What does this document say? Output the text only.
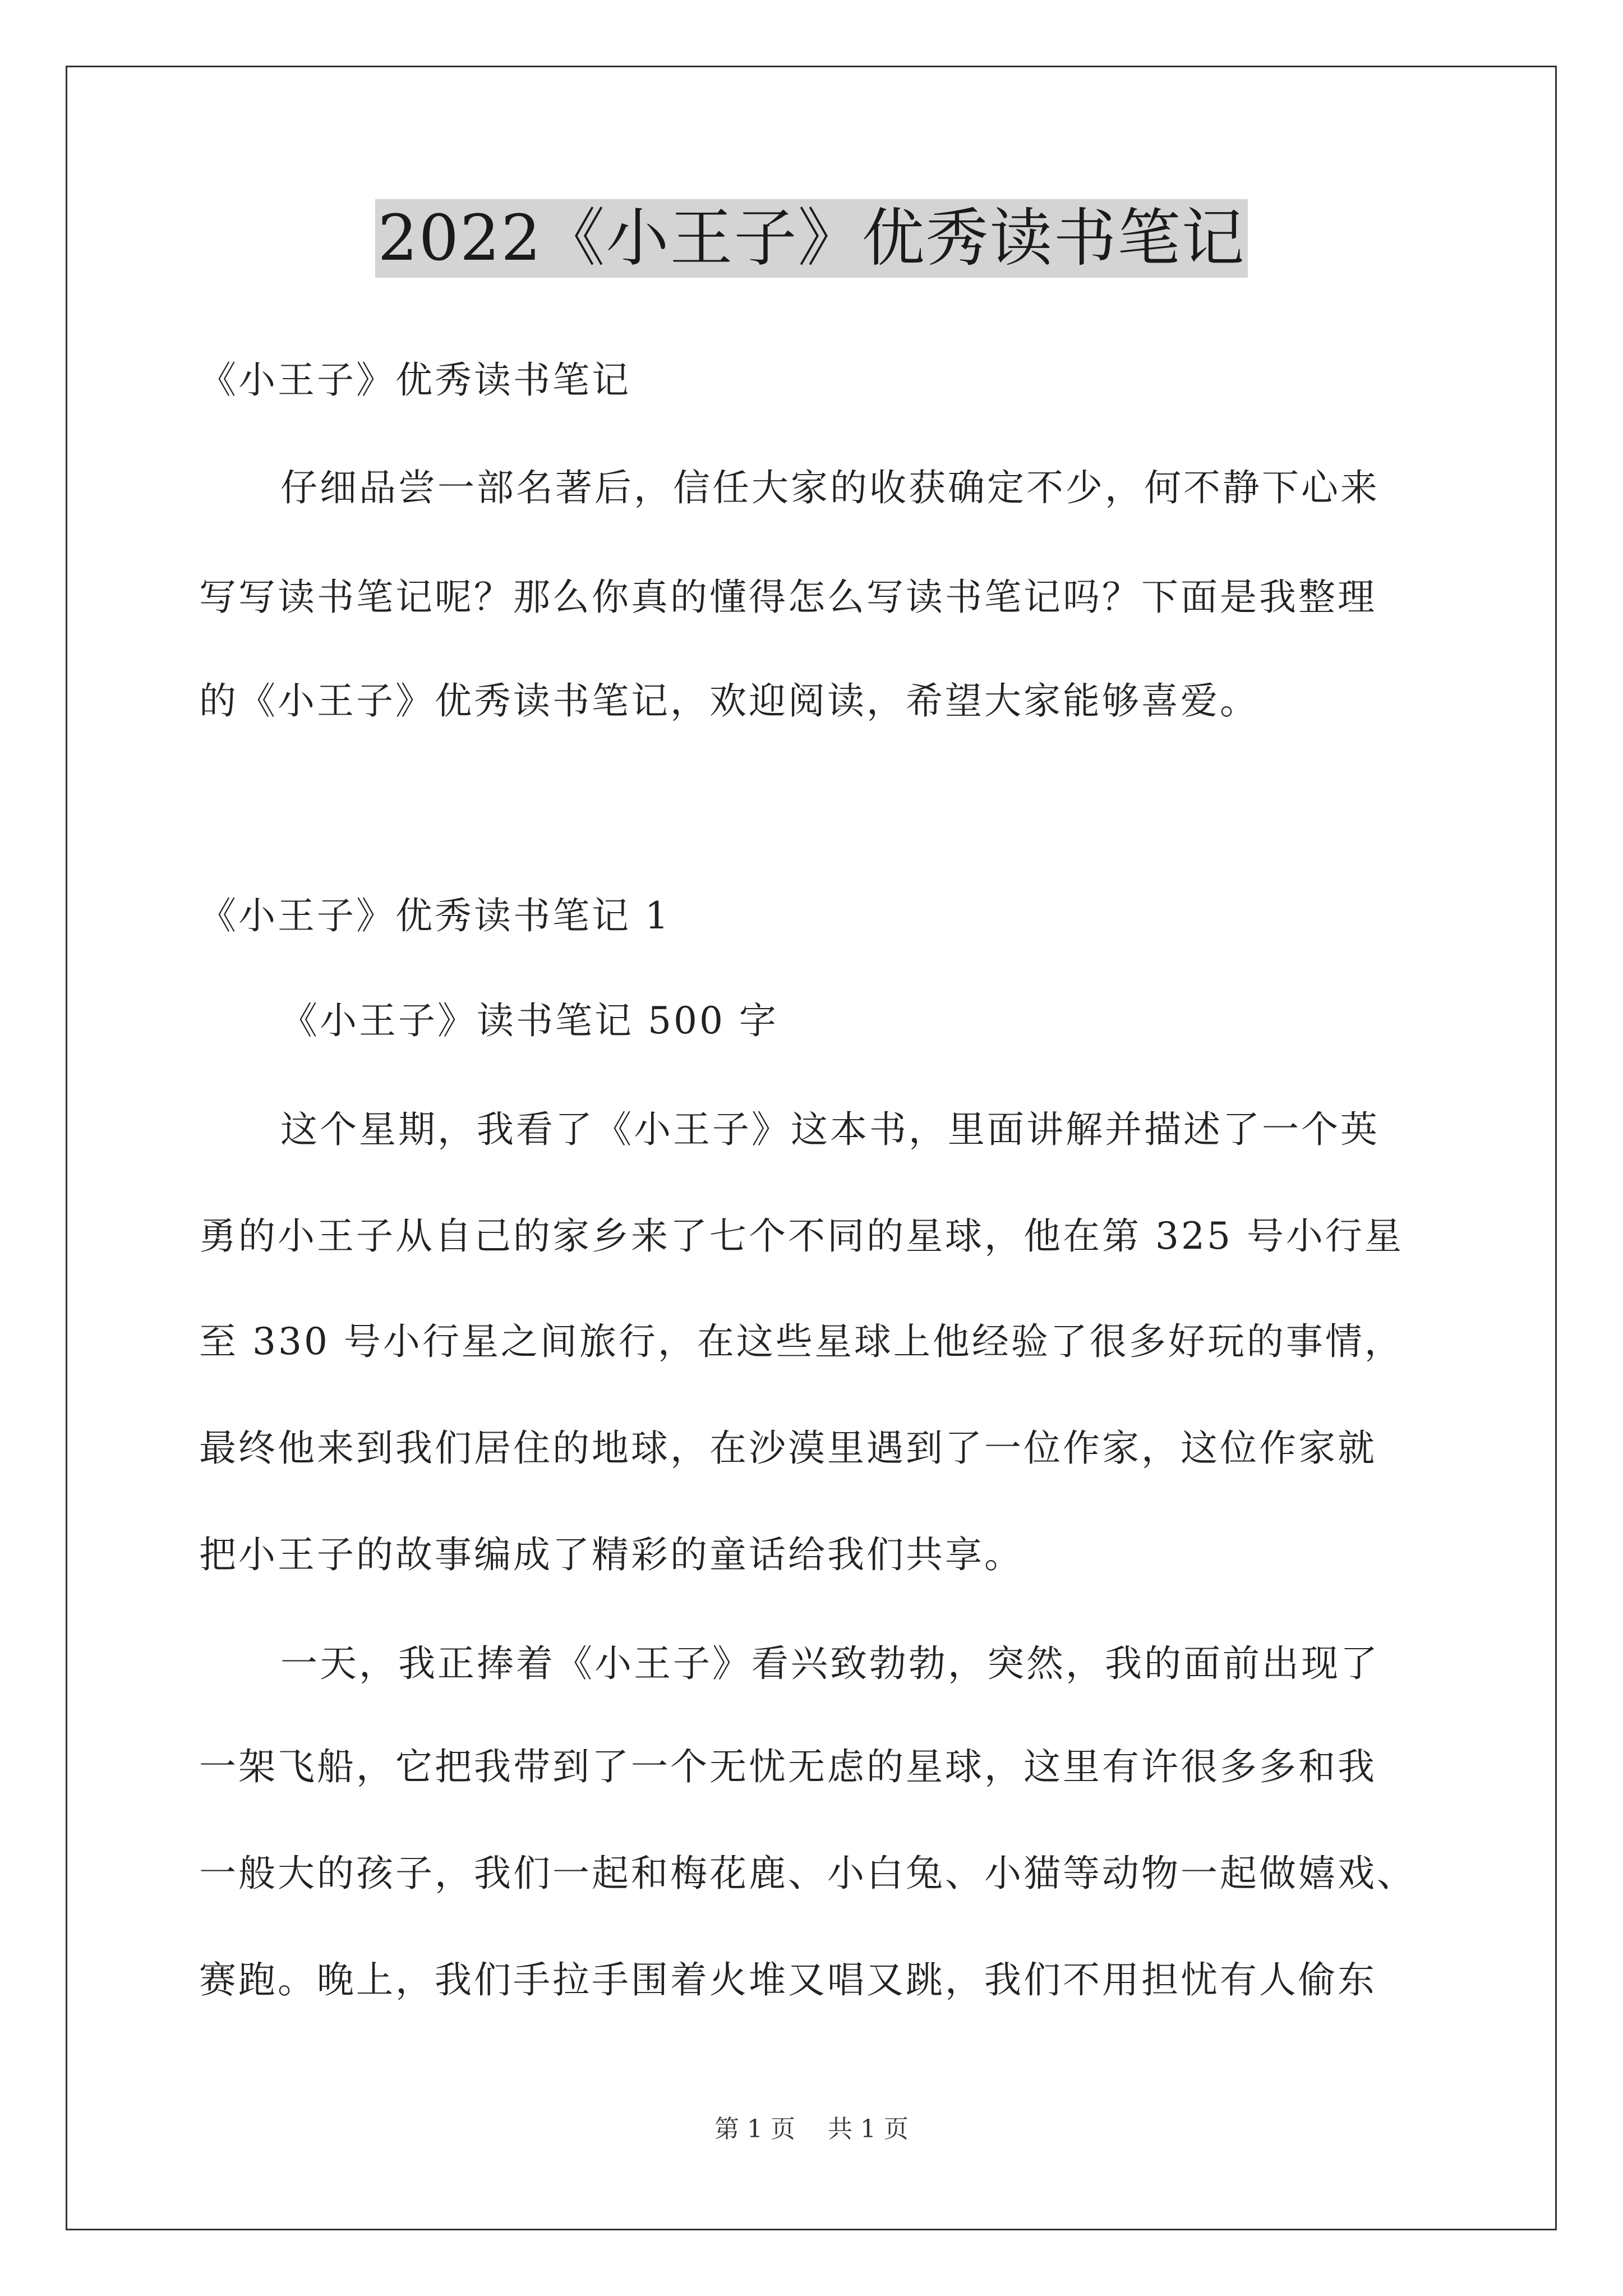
2022《小王子》优秀读书笔记
《小王子》优秀读书笔记
仔细品尝一部名著后，信任大家的收获确定不少，何不静下心来
写写读书笔记呢？那么你真的懂得怎么写读书笔记吗？下面是我整理
的《小王子》优秀读书笔记，欢迎阅读，希望大家能够喜爱。
《小王子》优秀读书笔记 1
《小王子》读书笔记 500 字
这个星期，我看了《小王子》这本书，里面讲解并描述了一个英
勇的小王子从自己的家乡来了七个不同的星球，他在第 325 号小行星
至 330 号小行星之间旅行，在这些星球上他经验了很多好玩的事情，
最终他来到我们居住的地球，在沙漠里遇到了一位作家，这位作家就
把小王子的故事编成了精彩的童话给我们共享。
一天，我正捧着《小王子》看兴致勃勃，突然，我的面前出现了
一架飞船，它把我带到了一个无忧无虑的星球，这里有许很多多和我
一般大的孩子，我们一起和梅花鹿、小白兔、小猫等动物一起做嬉戏、
赛跑。晚上，我们手拉手围着火堆又唱又跳，我们不用担忧有人偷东
第 1 页 共 1 页
